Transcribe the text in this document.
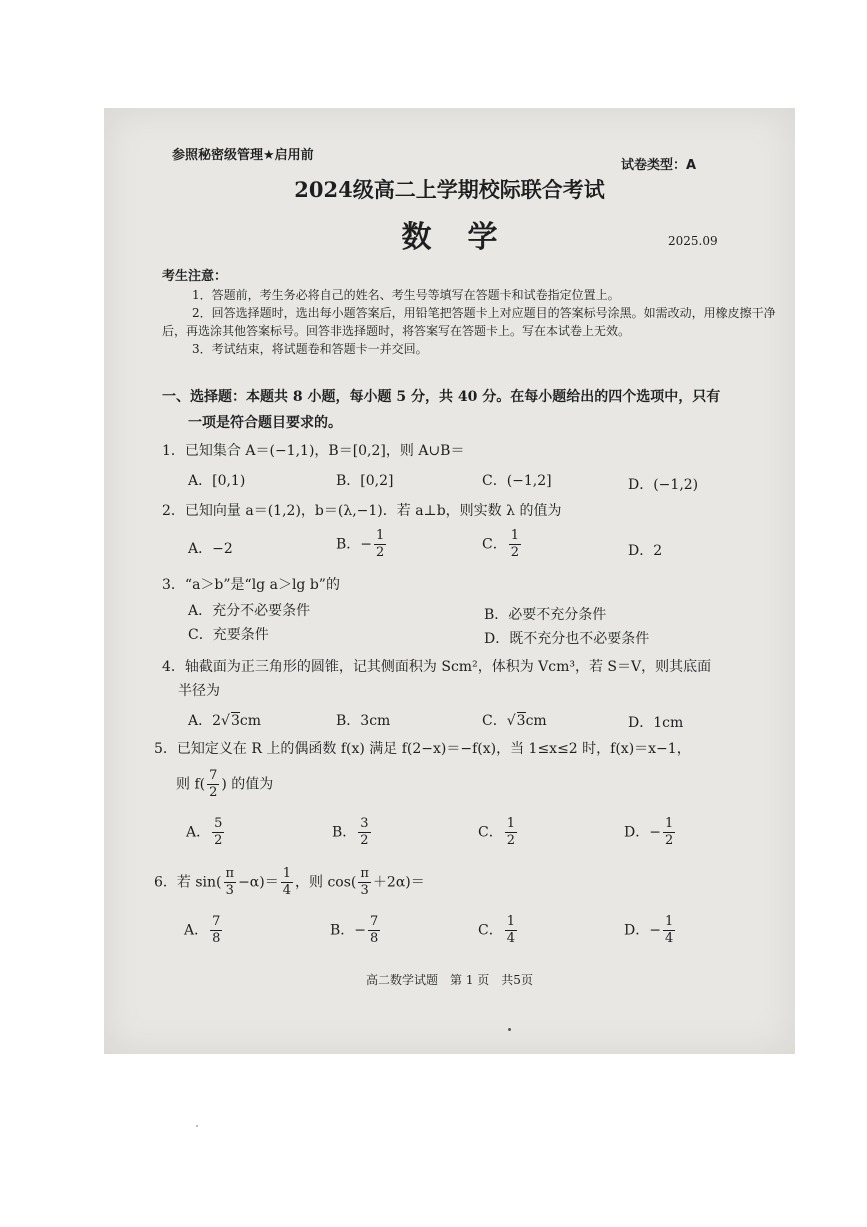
参照秘密级管理★启用前
试卷类型：A
2024级高二上学期校际联合考试
数学	2025.09
考生注意：

1．答题前，考生务必将自己的姓名、考生号等填写在答题卡和试卷指定位置上。

2．回答选择题时，选出每小题答案后，用铅笔把答题卡上对应题目的答案标号涂黑。如需改动，用橡皮擦干净后，再选涂其他答案标号。回答非选择题时，将答案写在答题卡上。写在本试卷上无效。

3．考试结束，将试题卷和答题卡一并交回。

一、选择题：本题共 8 小题，每小题 5 分，共 40 分。在每小题给出的四个选项中，只有
一项是符合题目要求的。
1．已知集合 A＝(−1,1)，B＝[0,2]，则 A∪B＝
A．[0,1)	B．[0,2]	C．(−1,2]	D．(−1,2)
2．已知向量 a＝(1,2)，b＝(λ,−1)．若 a⊥b，则实数 λ 的值为
A．−2	B．− $\frac{1}{2}$	C． $\frac{1}{2}$	D．2
3．“a＞b”是“lg a＞lg b”的
A．充分不必要条件	B．必要不充分条件
C．充要条件	D．既不充分也不必要条件
4．轴截面为正三角形的圆锥，记其侧面积为 Scm²，体积为 Vcm³，若 S＝V，则其底面
半径为
A．2√3cm	B．3cm	C．√3cm	D．1cm
5．已知定义在 R 上的偶函数 f(x) 满足 f(2−x)＝−f(x)，当 1≤x≤2 时，f(x)＝x−1，
则 $f( \frac{7}{2}$ ) 的值为
A． $\frac{5}{2}$	B． $\frac{3}{2}$	C． $\frac{1}{2}$	D．− $\frac{1}{2}$
6．若 $\sin( \frac{\pi}{3} -\alpha)= \frac{1}{4}$ ，则 $\cos( \frac{\pi}{3} +2\alpha)=$
A． $\frac{7}{8}$	B．− $\frac{7}{8}$	C． $\frac{1}{4}$	D．− $\frac{1}{4}$
高二数学试题　第 1 页　共5页
